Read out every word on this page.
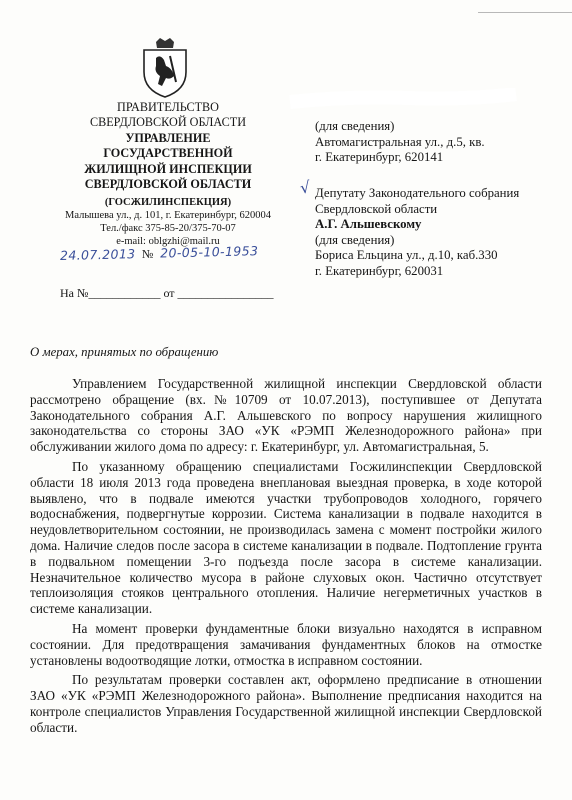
ПРАВИТЕЛЬСТВО
СВЕРДЛОВСКОЙ ОБЛАСТИ
УПРАВЛЕНИЕ
ГОСУДАРСТВЕННОЙ
ЖИЛИЩНОЙ ИНСПЕКЦИИ
СВЕРДЛОВСКОЙ ОБЛАСТИ
(ГОСЖИЛИНСПЕКЦИЯ)
Малышева ул., д. 101, г. Екатеринбург, 620004
Тел./факс 375-85-20/375-70-07
e-mail: oblgzhi@mail.ru
24.07.2013 № 20-05-10-1953
На №____________ от ________________
(для сведения)
Автомагистральная ул., д.5, кв.
г. Екатеринбург, 620141
√ Депутату Законодательного собрания
Свердловской области
А.Г. Альшевскому
(для сведения)
Бориса Ельцина ул., д.10, каб.330
г. Екатеринбург, 620031
О мерах, принятых по обращению

Управлением Государственной жилищной инспекции Свердловской области рассмотрено обращение (вх.№10709 от 10.07.2013), поступившее от Депутата Законодательного собрания А.Г. Альшевского по вопросу нарушения жилищного законодательства со стороны ЗАО «УК «РЭМП Железнодорожного района» при обслуживании жилого дома по адресу: г. Екатеринбург, ул. Автомагистральная, 5.

По указанному обращению специалистами Госжилинспекции Свердловской области 18 июля 2013 года проведена внеплановая выездная проверка, в ходе которой выявлено, что в подвале имеются участки трубопроводов холодного, горячего водоснабжения, подвергнутые коррозии. Система канализации в подвале находится в неудовлетворительном состоянии, не производилась замена с момент постройки жилого дома. Наличие следов после засора в системе канализации в подвале. Подтопление грунта в подвальном помещении 3-го подъезда после засора в системе канализации. Незначительное количество мусора в районе слуховых окон. Частично отсутствует теплоизоляция стояков центрального отопления. Наличие негерметичных участков в системе канализации.

На момент проверки фундаментные блоки визуально находятся в исправном состоянии. Для предотвращения замачивания фундаментных блоков на отмостке установлены водоотводящие лотки, отмостка в исправном состоянии.

По результатам проверки составлен акт, оформлено предписание в отношении ЗАО «УК «РЭМП Железнодорожного района». Выполнение предписания находится на контроле специалистов Управления Государственной жилищной инспекции Свердловской области.
